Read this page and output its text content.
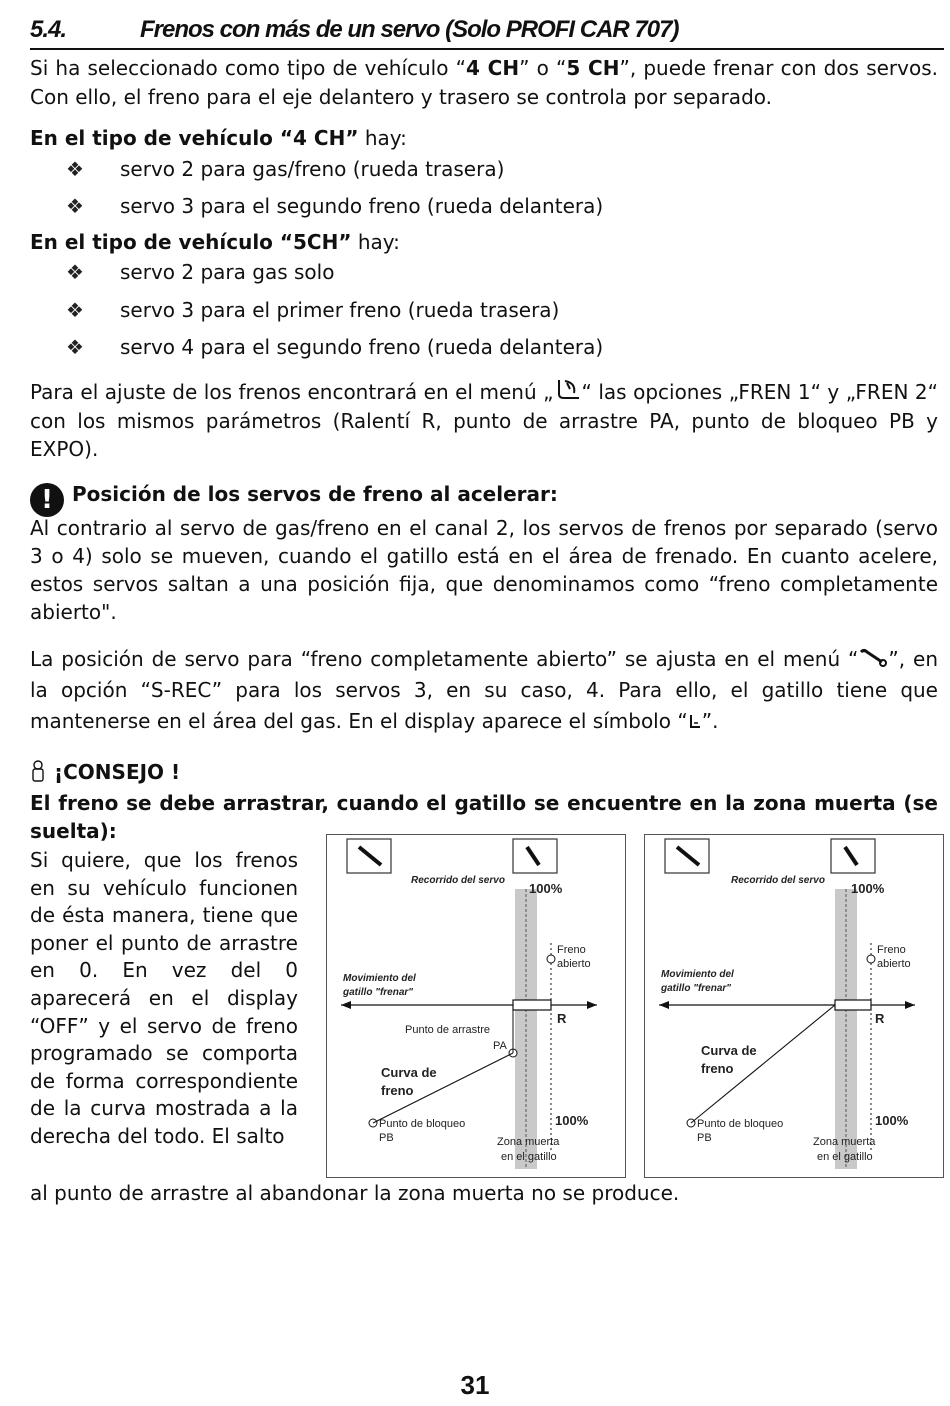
5.4.	Frenos con más de un servo (Solo PROFI CAR 707)
Si ha seleccionado como tipo de vehículo “4 CH” o “5 CH”, puede frenar con dos servos. Con ello, el freno para el eje delantero y trasero se controla por separado.
En el tipo de vehículo “4 CH” hay:
❖ servo 2 para gas/freno (rueda trasera)
❖ servo 3 para el segundo freno (rueda delantera)
En el tipo de vehículo “5CH” hay:
❖ servo 2 para gas solo
❖ servo 3 para el primer freno (rueda trasera)
❖ servo 4 para el segundo freno (rueda delantera)
Para el ajuste de los frenos encontrará en el menú „ “ las opciones „FREN 1“ y „FREN 2“ con los mismos parámetros (Ralentí R, punto de arrastre PA, punto de bloqueo PB y EXPO).
! Posición de los servos de freno al acelerar:
Al contrario al servo de gas/freno en el canal 2, los servos de frenos por separado (servo 3 o 4) solo se mueven, cuando el gatillo está en el área de frenado. En cuanto acelere, estos servos saltan a una posición fija, que denominamos como “freno completamente abierto".
La posición de servo para “freno completamente abierto” se ajusta en el menú “ ”, en la opción “S-REC” para los servos 3, en su caso, 4. Para ello, el gatillo tiene que mantenerse en el área del gas. En el display aparece el símbolo “ ”.
¡CONSEJO !
El freno se debe arrastrar, cuando el gatillo se encuentre en la zona muerta (se suelta):
Si quiere, que los frenos en su vehículo funcionen de ésta manera, tiene que poner el punto de arrastre en 0. En vez del 0 aparecerá en el display “OFF” y el servo de freno programado se comporta de forma correspondiente de la curva mostrada a la derecha del todo. El salto
al punto de arrastre al abandonar la zona muerta no se produce.
Recorrido del servo
100%
Freno
abierto
Movimiento del
gatillo "frenar"
R
Punto de arrastre
PA
Curva de
freno
Punto de bloqueo
PB
100%
Zona muerta
en el gatillo
Recorrido del servo
100%
Freno
abierto
Movimiento del
gatillo "frenar"
R
Curva de
freno
Punto de bloqueo
PB
100%
Zona muerta
en el gatillo
31
